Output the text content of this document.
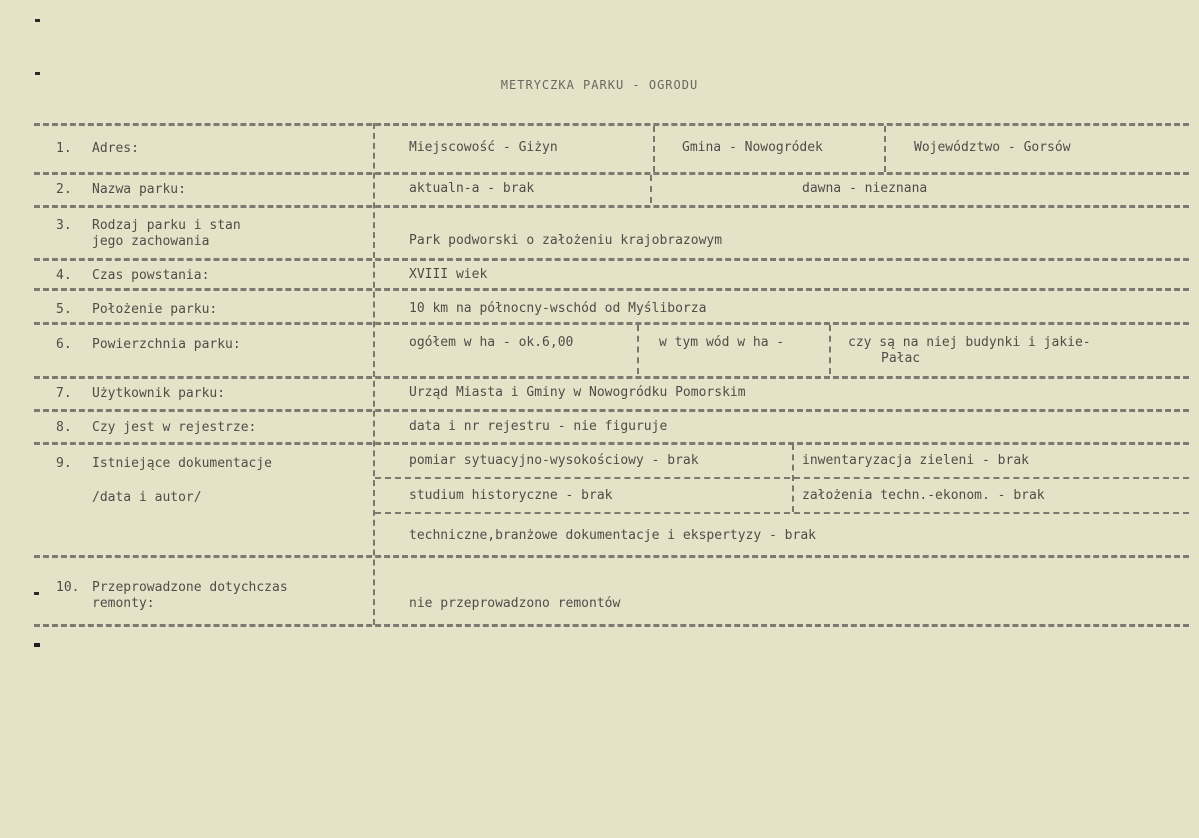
METRYCZKA PARKU - OGRODU
1. Adres:	Miejscowość - Giżyn	Gmina - Nowogródek	Województwo - Gorsów
2. Nazwa parku:	aktualn-a - brak	dawna - nieznana
3. Rodzaj parku i stan
jego zachowania	Park podworski o założeniu krajobrazowym
4. Czas powstania:	XVIII wiek
5. Położenie parku:	10 km na północny-wschód od Myśliborza
6. Powierzchnia parku:	ogółem w ha - ok.6,00	w tym wód w ha -	czy są na niej budynki i jakie-
Pałac
7. Użytkownik parku:	Urząd Miasta i Gminy w Nowogródku Pomorskim
8. Czy jest w rejestrze:	data i nr rejestru - nie figuruje
9. Istniejące dokumentacje
/data i autor/
pomiar sytuacyjno-wysokościowy - brak	inwentaryzacja zieleni - brak
studium historyczne - brak	założenia techn.-ekonom. - brak
techniczne,branżowe dokumentacje i ekspertyzy - brak
10. Przeprowadzone dotychczas
remonty:	nie przeprowadzono remontów
